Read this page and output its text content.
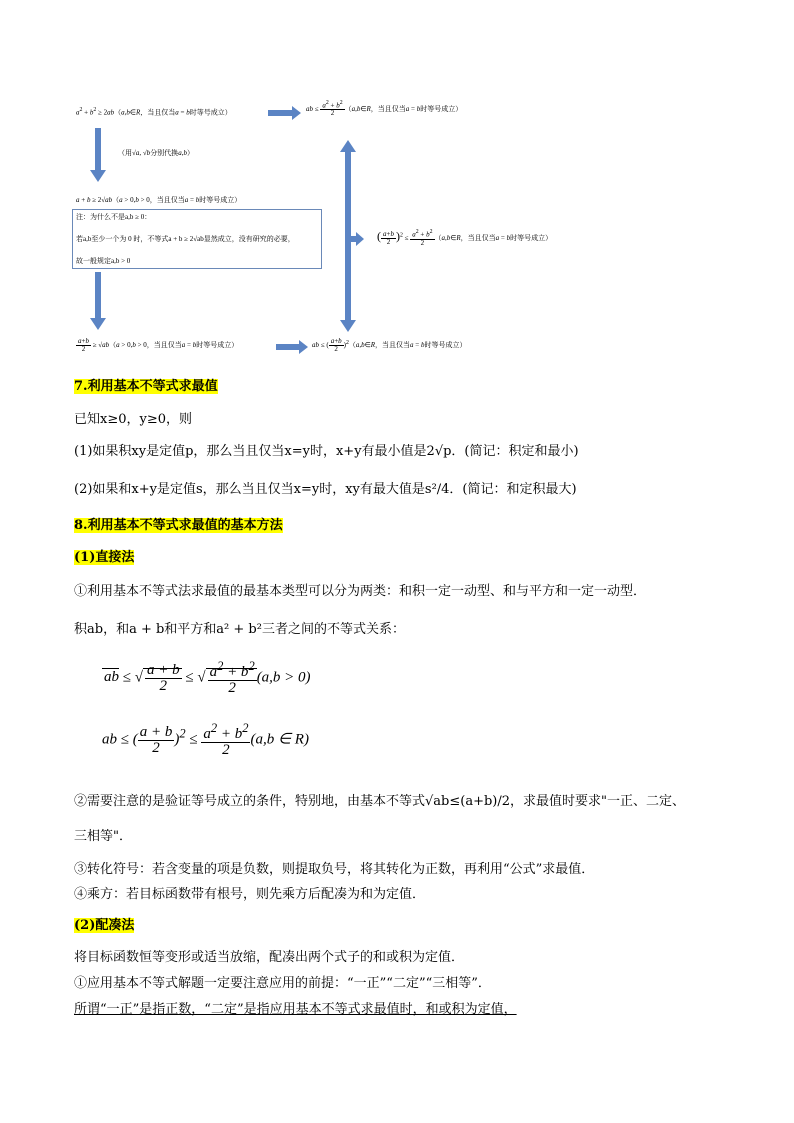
$a^2 + b^2$ ≥ 2ab（a,b∈R，当且仅当a = b时等号成立）	ab ≤ $\frac{a^2 + b^2}{2}$ （a,b∈R，当且仅当a = b时等号成立）
（用√a, √b分别代换a,b）
a + b ≥ 2√ab（a > 0,b > 0，当且仅当a = b时等号成立）
注：为什么不是a,b ≥ 0：
若a,b至少一个为 0 时，不等式a + b ≥ 2√ab显然成立，没有研究的必要，
故一般规定a,b > 0
( $\frac{a+b}{2} )^2 \le \frac{a^2 + b^2}{2}$ （a,b∈R，当且仅当a = b时等号成立）
$\frac{a+b}{2} \ge √ab(a > 0,b > 0$，当且仅当a = b时等号成立）	ab ≤ ( $\frac{a+b}{2}$ )$^2$（a,b∈R，当且仅当a = b时等号成立）
7.利用基本不等式求最值
已知x≥0，y≥0，则
(1)如果积xy是定值p，那么当且仅当x=y时，x+y有最小值是2√p．(简记：积定和最小)
(2)如果和x+y是定值s，那么当且仅当x=y时，xy有最大值是s²/4．(简记：和定积最大)
8.利用基本不等式求最值的基本方法
(1)直接法
①利用基本不等式法求最值的最基本类型可以分为两类：和积一定一动型、和与平方和一定一动型．
积ab，和a + b和平方和a² + b²三者之间的不等式关系：
ab ≤ √ $\frac{a + b}{2}$ ≤ √ $\frac{a^2 + b^2}{2} (a,b > 0)$
ab ≤ ( $\frac{a + b}{2} )^2 \le \frac{a^2 + b^2}{2} (a,b$ ∈ R)
②需要注意的是验证等号成立的条件，特别地，由基本不等式√ab≤(a+b)/2，求最值时要求"一正、二定、
三相等"．
③转化符号：若含变量的项是负数，则提取负号，将其转化为正数，再利用“公式”求最值．
④乘方：若目标函数带有根号，则先乘方后配凑为和为定值．
(2)配凑法
将目标函数恒等变形或适当放缩，配凑出两个式子的和或积为定值．
①应用基本不等式解题一定要注意应用的前提：“一正”“二定”“三相等”．
所谓“一正”是指正数，“二定”是指应用基本不等式求最值时，和或积为定值，
